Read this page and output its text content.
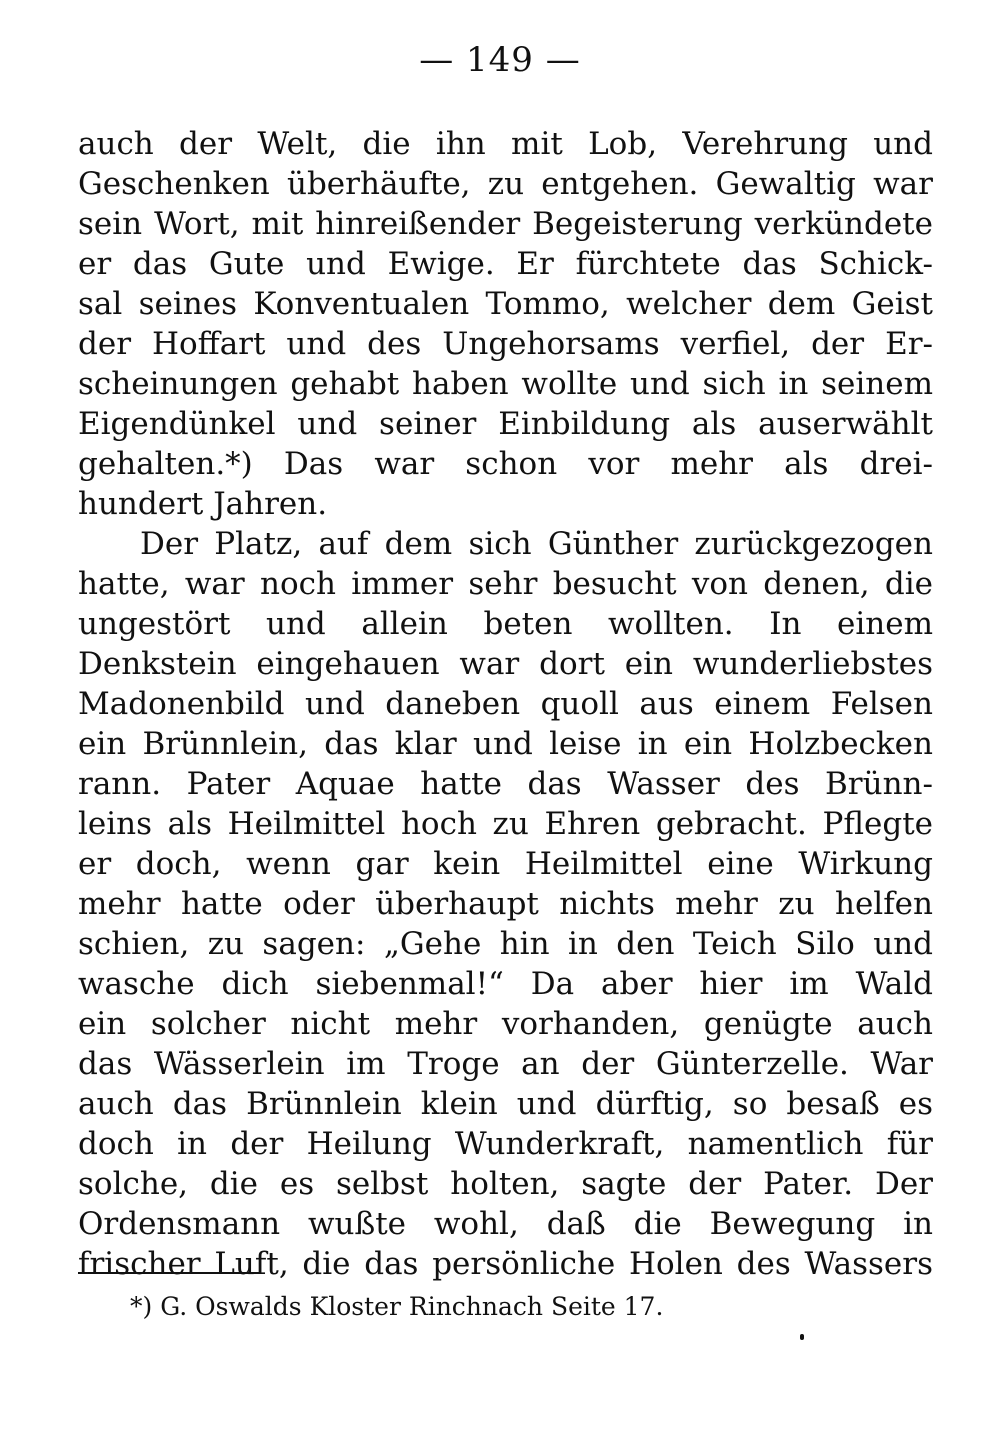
— 149 —
auch der Welt, die ihn mit Lob, Verehrung und
Geschenken überhäufte, zu entgehen. Gewaltig war
sein Wort, mit hinreißender Begeisterung verkündete
er das Gute und Ewige. Er fürchtete das Schick-
sal seines Konventualen Tommo, welcher dem Geist
der Hoffart und des Ungehorsams verfiel, der Er-
scheinungen gehabt haben wollte und sich in seinem
Eigendünkel und seiner Einbildung als auserwählt
gehalten.*) Das war schon vor mehr als drei-
hundert Jahren.
Der Platz, auf dem sich Günther zurückgezogen
hatte, war noch immer sehr besucht von denen, die
ungestört und allein beten wollten. In einem
Denkstein eingehauen war dort ein wunderliebstes
Madonenbild und daneben quoll aus einem Felsen
ein Brünnlein, das klar und leise in ein Holzbecken
rann. Pater Aquae hatte das Wasser des Brünn-
leins als Heilmittel hoch zu Ehren gebracht. Pflegte
er doch, wenn gar kein Heilmittel eine Wirkung
mehr hatte oder überhaupt nichts mehr zu helfen
schien, zu sagen: „Gehe hin in den Teich Silo und
wasche dich siebenmal!“ Da aber hier im Wald
ein solcher nicht mehr vorhanden, genügte auch
das Wässerlein im Troge an der Günterzelle. War
auch das Brünnlein klein und dürftig, so besaß es
doch in der Heilung Wunderkraft, namentlich für
solche, die es selbst holten, sagte der Pater. Der
Ordensmann wußte wohl, daß die Bewegung in
frischer Luft, die das persönliche Holen des Wassers
*) G. Oswalds Kloster Rinchnach Seite 17.
